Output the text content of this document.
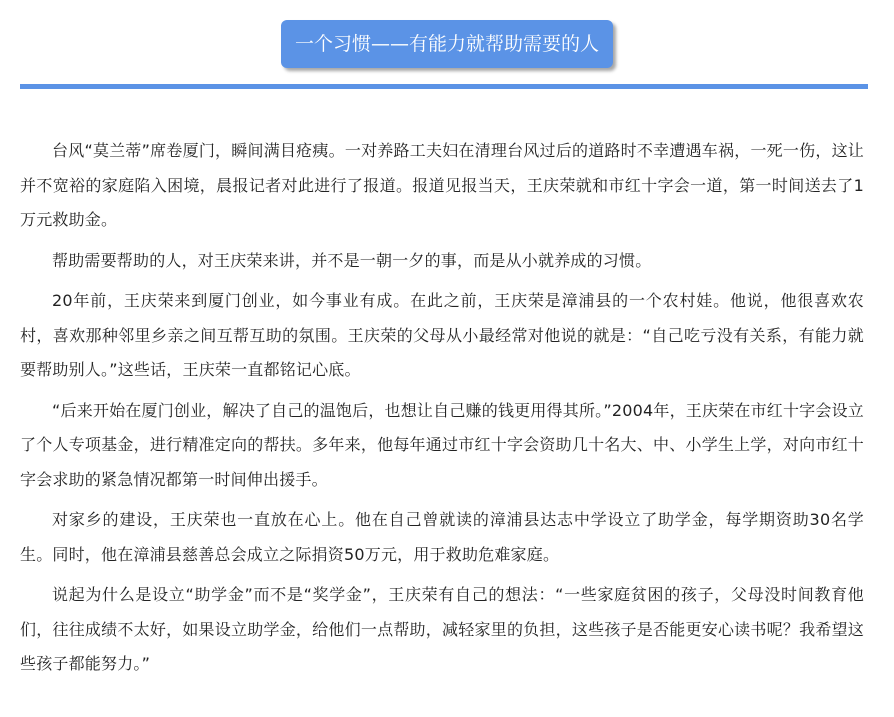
一个习惯——有能力就帮助需要的人

台风“莫兰蒂”席卷厦门，瞬间满目疮痍。一对养路工夫妇在清理台风过后的道路时不幸遭遇车祸，一死一伤，这让并不宽裕的家庭陷入困境，晨报记者对此进行了报道。报道见报当天，王庆荣就和市红十字会一道，第一时间送去了1万元救助金。

帮助需要帮助的人，对王庆荣来讲，并不是一朝一夕的事，而是从小就养成的习惯。

20年前，王庆荣来到厦门创业，如今事业有成。在此之前，王庆荣是漳浦县的一个农村娃。他说，他很喜欢农村，喜欢那种邻里乡亲之间互帮互助的氛围。王庆荣的父母从小最经常对他说的就是：“自己吃亏没有关系，有能力就要帮助别人。”这些话，王庆荣一直都铭记心底。

“后来开始在厦门创业，解决了自己的温饱后，也想让自己赚的钱更用得其所。”2004年，王庆荣在市红十字会设立了个人专项基金，进行精准定向的帮扶。多年来，他每年通过市红十字会资助几十名大、中、小学生上学，对向市红十字会求助的紧急情况都第一时间伸出援手。

对家乡的建设，王庆荣也一直放在心上。他在自己曾就读的漳浦县达志中学设立了助学金，每学期资助30名学生。同时，他在漳浦县慈善总会成立之际捐资50万元，用于救助危难家庭。

说起为什么是设立“助学金”而不是“奖学金”，王庆荣有自己的想法：“一些家庭贫困的孩子，父母没时间教育他们，往往成绩不太好，如果设立助学金，给他们一点帮助，减轻家里的负担，这些孩子是否能更安心读书呢？我希望这些孩子都能努力。”
